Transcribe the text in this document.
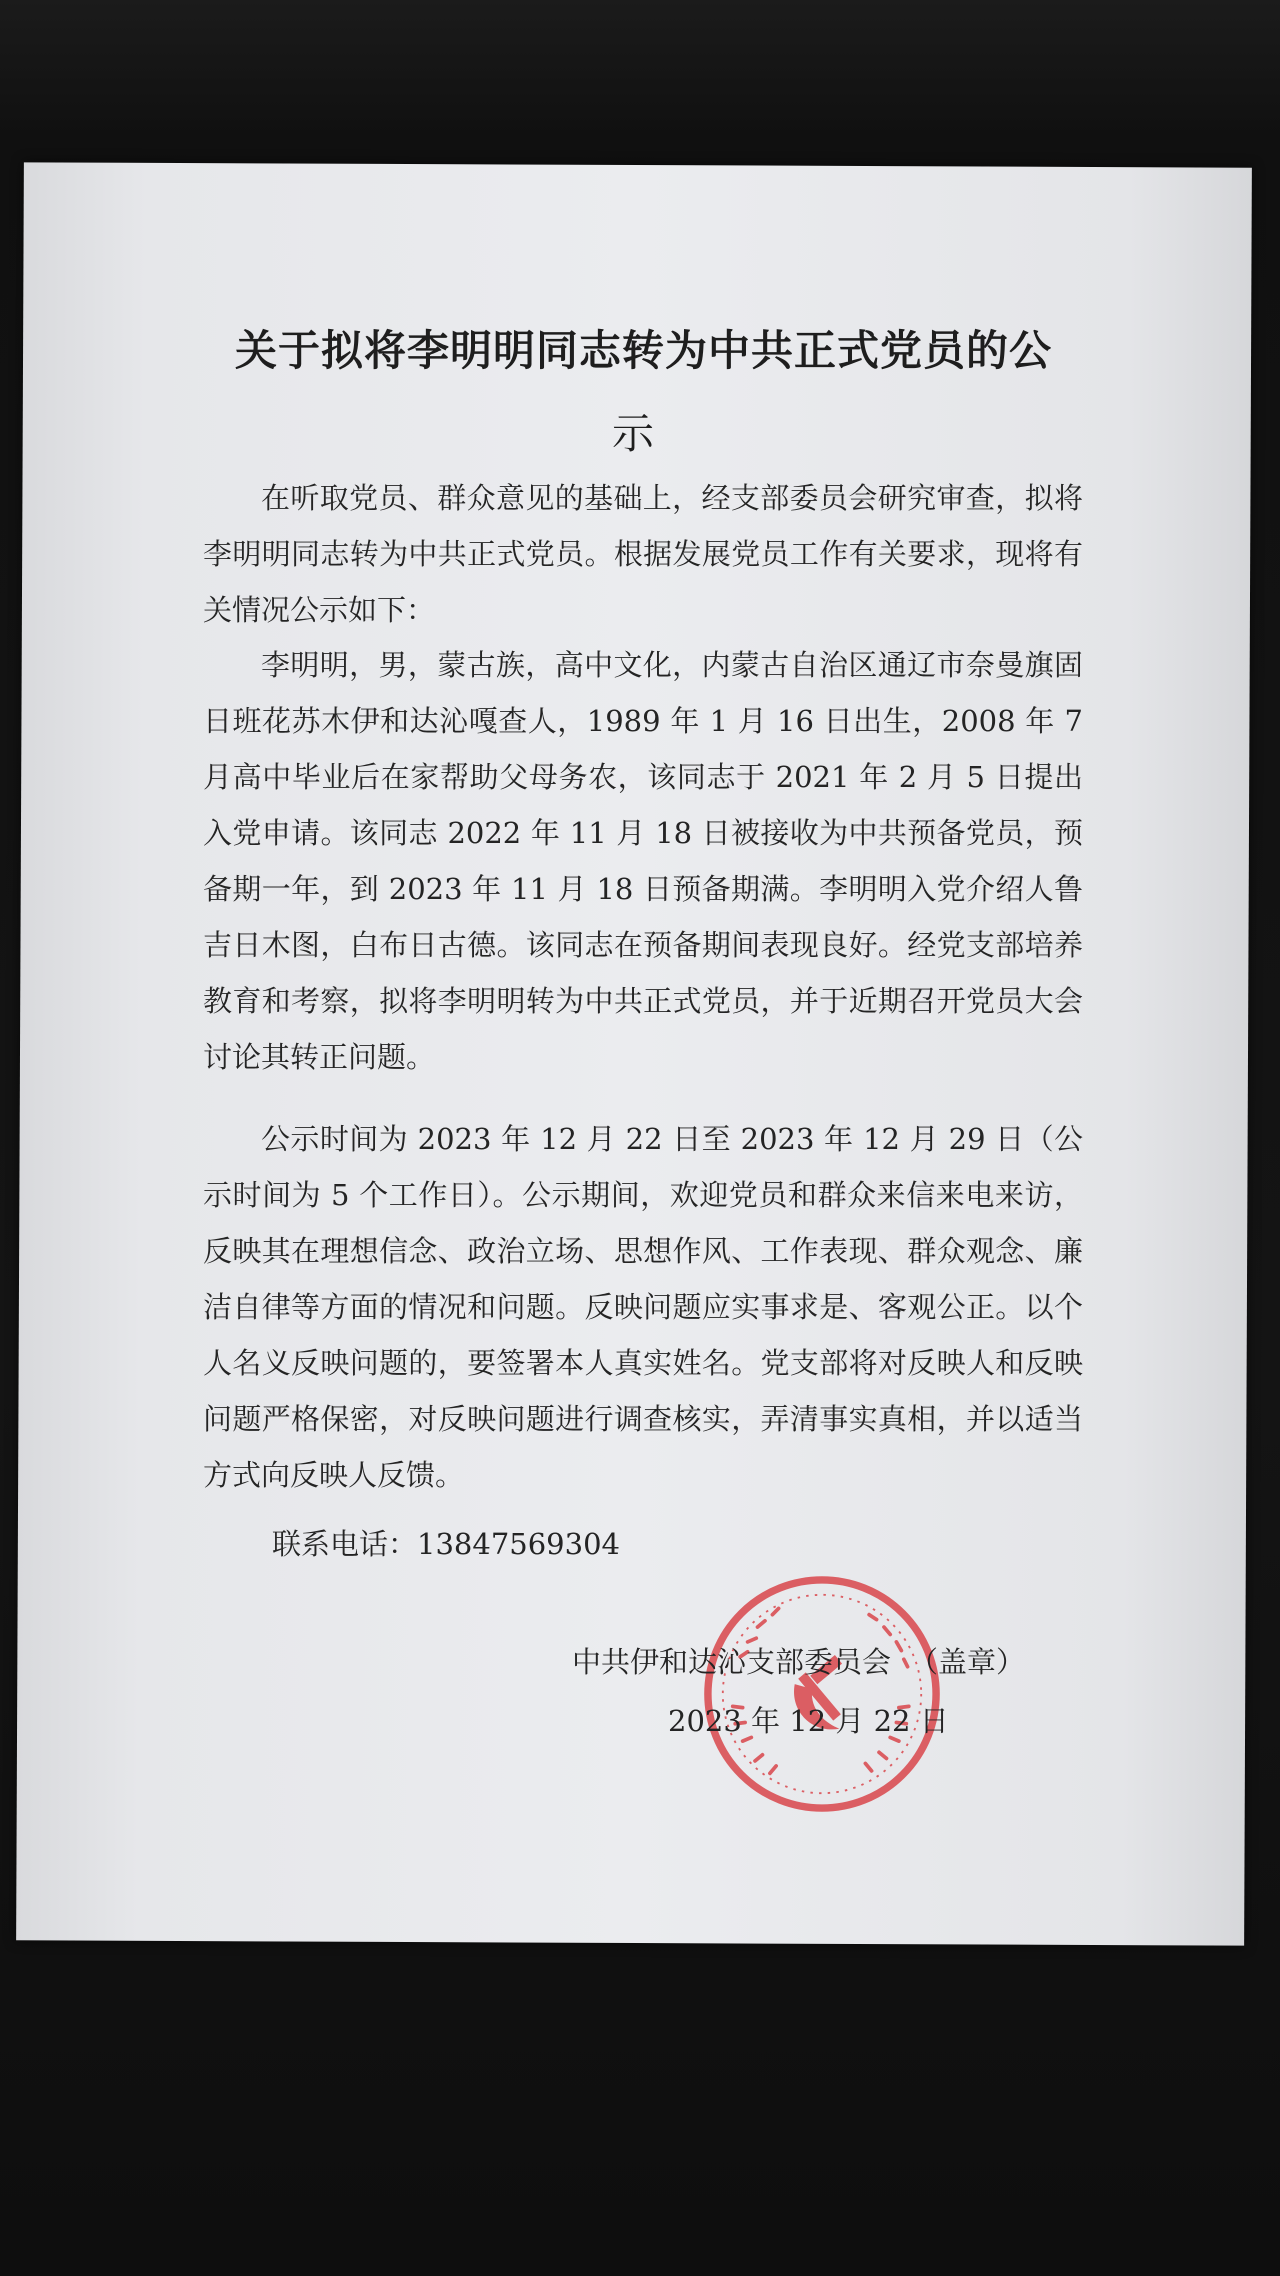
关于拟将李明明同志转为中共正式党员的公
示

在听取党员、群众意见的基础上，经支部委员会研究审查，拟将李明明同志转为中共正式党员。根据发展党员工作有关要求，现将有关情况公示如下：

李明明，男，蒙古族，高中文化，内蒙古自治区通辽市奈曼旗固日班花苏木伊和达沁嘎查人，1989 年 1 月 16 日出生，2008 年 7 月高中毕业后在家帮助父母务农，该同志于 2021 年 2 月 5 日提出入党申请。该同志 2022 年 11 月 18 日被接收为中共预备党员，预备期一年，到 2023 年 11 月 18 日预备期满。李明明入党介绍人鲁吉日木图，白布日古德。该同志在预备期间表现良好。经党支部培养教育和考察，拟将李明明转为中共正式党员，并于近期召开党员大会讨论其转正问题。

公示时间为 2023 年 12 月 22 日至 2023 年 12 月 29 日（公示时间为 5 个工作日）。公示期间，欢迎党员和群众来信来电来访，反映其在理想信念、政治立场、思想作风、工作表现、群众观念、廉洁自律等方面的情况和问题。反映问题应实事求是、客观公正。以个人名义反映问题的，要签署本人真实姓名。党支部将对反映人和反映问题严格保密，对反映问题进行调查核实，弄清事实真相，并以适当方式向反映人反馈。

联系电话：13847569304
中共伊和达沁支部委员会 （盖章）
2023 年 12 月 22 日
